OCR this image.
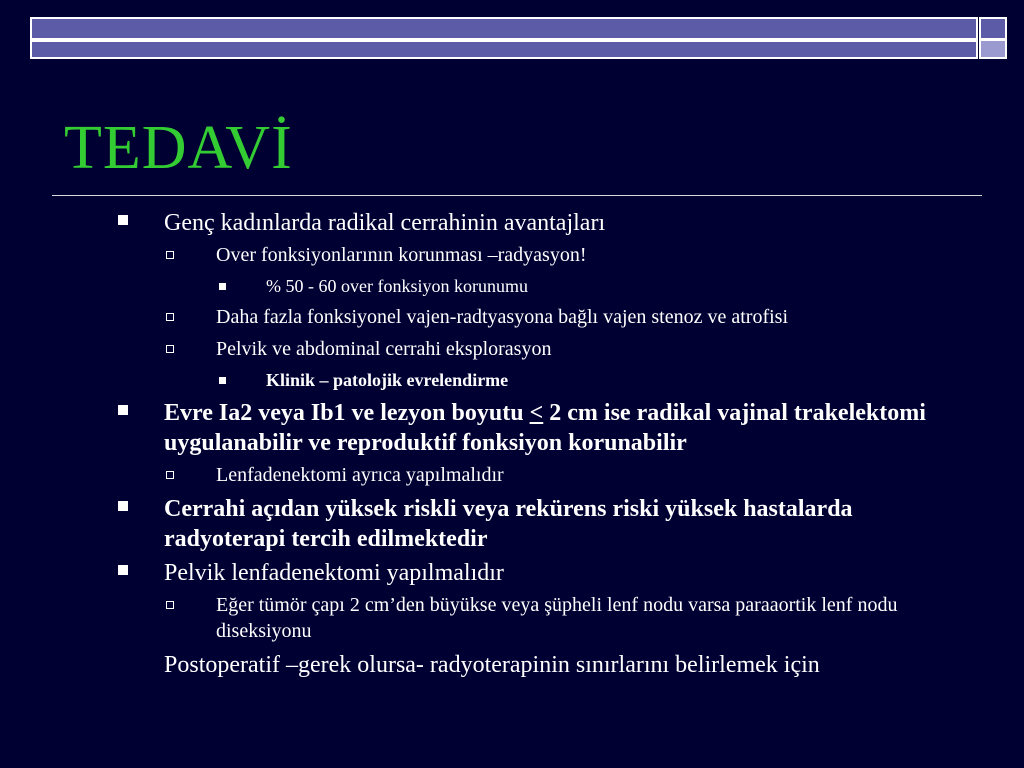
TEDAVİ
Genç kadınlarda radikal cerrahinin avantajları
Over fonksiyonlarının korunması –radyasyon!
% 50 - 60 over fonksiyon korunumu
Daha fazla fonksiyonel vajen-radtyasyona bağlı vajen stenoz ve atrofisi
Pelvik ve abdominal cerrahi eksplorasyon
Klinik – patolojik evrelendirme
Evre Ia2 veya Ib1 ve lezyon boyutu ≤ 2 cm ise radikal vajinal trakelektomi uygulanabilir ve reproduktif fonksiyon korunabilir
Lenfadenektomi ayrıca yapılmalıdır
Cerrahi açıdan yüksek riskli veya rekürens riski yüksek hastalarda radyoterapi tercih edilmektedir
Pelvik lenfadenektomi yapılmalıdır
Eğer tümör çapı 2 cm’den büyükse veya şüpheli lenf nodu varsa paraaortik lenf nodu diseksiyonu
Postoperatif –gerek olursa- radyoterapinin sınırlarını belirlemek için
